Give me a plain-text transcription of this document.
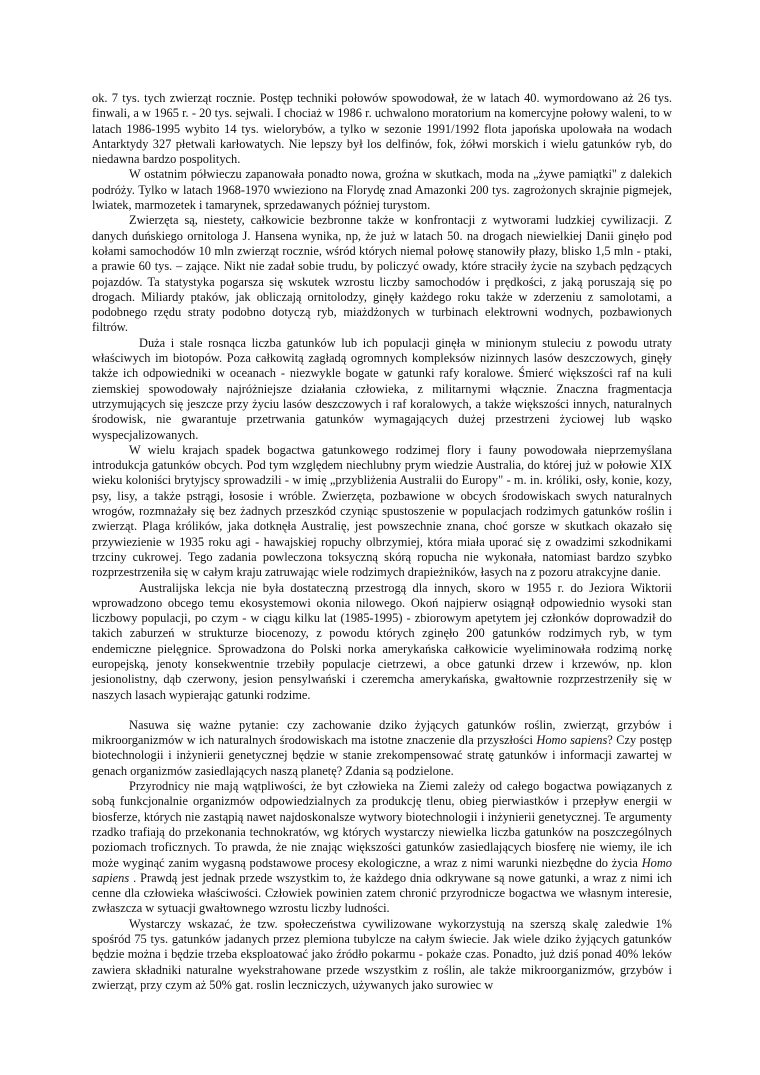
ok. 7 tys. tych zwierząt rocznie. Postęp techniki połowów spowodował, że w latach 40. wymordowano aż 26 tys. finwali, a w 1965 r. - 20 tys. sejwali. I chociaż w 1986 r. uchwalono moratorium na komercyjne połowy waleni, to w latach 1986-1995 wybito 14 tys. wielorybów, a tylko w sezonie 1991/1992 flota japońska upolowała na wodach Antarktydy 327 płetwali karłowatych. Nie lepszy był los delfinów, fok, żółwi morskich i wielu gatunków ryb, do niedawna bardzo pospolitych.

W ostatnim półwieczu zapanowała ponadto nowa, groźna w skutkach, moda na „żywe pamiątki" z dalekich podróży. Tylko w latach 1968-1970 wwieziono na Florydę znad Amazonki 200 tys. zagrożonych skrajnie pigmejek, lwiatek, marmozetek i tamarynek, sprzedawanych później turystom.

Zwierzęta są, niestety, całkowicie bezbronne także w konfrontacji z wytworami ludzkiej cywilizacji. Z danych duńskiego ornitologa J. Hansena wynika, np, że już w latach 50. na drogach niewielkiej Danii ginęło pod kołami samochodów 10 mln zwierząt rocznie, wśród których niemal połowę stanowiły płazy, blisko 1,5 mln - ptaki, a prawie 60 tys. – zające. Nikt nie zadał sobie trudu, by policzyć owady, które straciły życie na szybach pędzących pojazdów. Ta statystyka pogarsza się wskutek wzrostu liczby samochodów i prędkości, z jaką poruszają się po drogach. Miliardy ptaków, jak obliczają ornitolodzy, ginęły każdego roku także w zderzeniu z samolotami, a podobnego rzędu straty podobno dotyczą ryb, miażdżonych w turbinach elektrowni wodnych, pozbawionych filtrów.

Duża i stale rosnąca liczba gatunków lub ich populacji ginęła w minionym stuleciu z powodu utraty właściwych im biotopów. Poza całkowitą zagładą ogromnych kompleksów nizinnych lasów deszczowych, ginęły także ich odpowiedniki w oceanach - niezwykle bogate w gatunki rafy koralowe. Śmierć większości raf na kuli ziemskiej spowodowały najróżniejsze działania człowieka, z militarnymi włącznie. Znaczna fragmentacja utrzymujących się jeszcze przy życiu lasów deszczowych i raf koralowych, a także większości innych, naturalnych środowisk, nie gwarantuje przetrwania gatunków wymagających dużej przestrzeni życiowej lub wąsko wyspecjalizowanych.

W wielu krajach spadek bogactwa gatunkowego rodzimej flory i fauny powodowała nieprzemyślana introdukcja gatunków obcych. Pod tym względem niechlubny prym wiedzie Australia, do której już w połowie XIX wieku koloniści brytyjscy sprowadzili - w imię „przybliżenia Australii do Europy" - m. in. króliki, osły, konie, kozy, psy, lisy, a także pstrągi, łososie i wróble. Zwierzęta, pozbawione w obcych środowiskach swych naturalnych wrogów, rozmnażały się bez żadnych przeszkód czyniąc spustoszenie w populacjach rodzimych gatunków roślin i zwierząt. Plaga królików, jaka dotknęła Australię, jest powszechnie znana, choć gorsze w skutkach okazało się przywiezienie w 1935 roku agi - hawajskiej ropuchy olbrzymiej, która miała uporać się z owadzimi szkodnikami trzciny cukrowej. Tego zadania powleczona toksyczną skórą ropucha nie wykonała, natomiast bardzo szybko rozprzestrzeniła się w całym kraju zatruwając wiele rodzimych drapieżników, łasych na z pozoru atrakcyjne danie.

Australijska lekcja nie była dostateczną przestrogą dla innych, skoro w 1955 r. do Jeziora Wiktorii wprowadzono obcego temu ekosystemowi okonia nilowego. Okoń najpierw osiągnął odpowiednio wysoki stan liczbowy populacji, po czym - w ciągu kilku lat (1985-1995) - zbiorowym apetytem jej członków doprowadził do takich zaburzeń w strukturze biocenozy, z powodu których zginęło 200 gatunków rodzimych ryb, w tym endemiczne pielęgnice. Sprowadzona do Polski norka amerykańska całkowicie wyeliminowała rodzimą norkę europejską, jenoty konsekwentnie trzebiły populacje cietrzewi, a obce gatunki drzew i krzewów, np. klon jesionolistny, dąb czerwony, jesion pensylwański i czeremcha amerykańska, gwałtownie rozprzestrzeniły się w naszych lasach wypierając gatunki rodzime.

Nasuwa się ważne pytanie: czy zachowanie dziko żyjących gatunków roślin, zwierząt, grzybów i mikroorganizmów w ich naturalnych środowiskach ma istotne znaczenie dla przyszłości Homo sapiens? Czy postęp biotechnologii i inżynierii genetycznej będzie w stanie zrekompensować stratę gatunków i informacji zawartej w genach organizmów zasiedlających naszą planetę? Zdania są podzielone.

Przyrodnicy nie mają wątpliwości, że byt człowieka na Ziemi zależy od całego bogactwa powiązanych z sobą funkcjonalnie organizmów odpowiedzialnych za produkcję tlenu, obieg pierwiastków i przepływ energii w biosferze, których nie zastąpią nawet najdoskonalsze wytwory biotechnologii i inżynierii genetycznej. Te argumenty rzadko trafiają do przekonania technokratów, wg których wystarczy niewielka liczba gatunków na poszczególnych poziomach troficznych. To prawda, że nie znając większości gatunków zasiedlających biosferę nie wiemy, ile ich może wyginąć zanim wygasną podstawowe procesy ekologiczne, a wraz z nimi warunki niezbędne do życia Homo sapiens . Prawdą jest jednak przede wszystkim to, że każdego dnia odkrywane są nowe gatunki, a wraz z nimi ich cenne dla człowieka właściwości. Człowiek powinien zatem chronić przyrodnicze bogactwa we własnym interesie, zwłaszcza w sytuacji gwałtownego wzrostu liczby ludności.

Wystarczy wskazać, że tzw. społeczeństwa cywilizowane wykorzystują na szerszą skalę zaledwie 1% spośród 75 tys. gatunków jadanych przez plemiona tubylcze na całym świecie. Jak wiele dziko żyjących gatunków będzie można i będzie trzeba eksploatować jako źródło pokarmu - pokaże czas. Ponadto, już dziś ponad 40% leków zawiera składniki naturalne wyekstrahowane przede wszystkim z roślin, ale także mikroorganizmów, grzybów i zwierząt, przy czym aż 50% gat. roslin leczniczych, używanych jako surowiec w
